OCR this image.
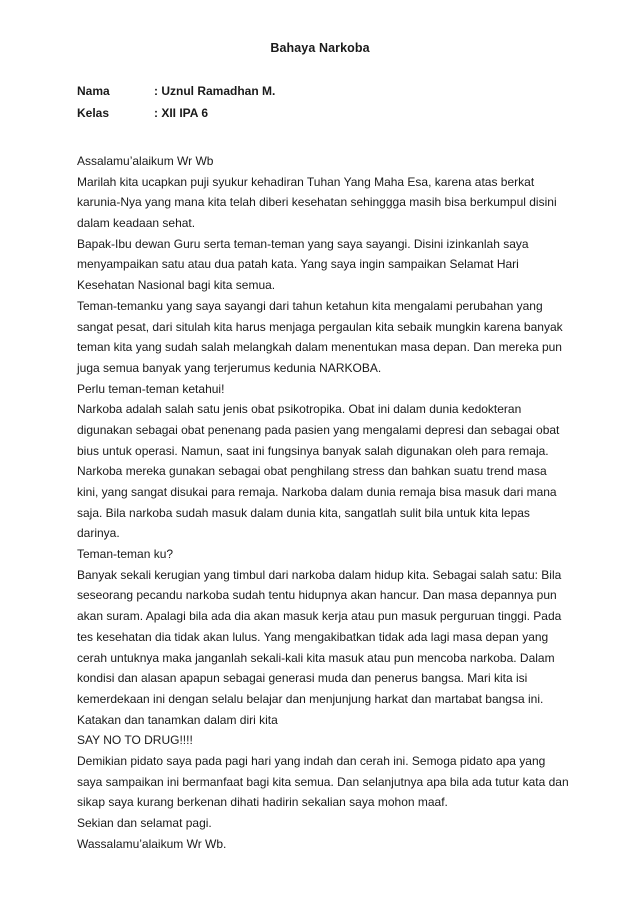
Bahaya Narkoba
Nama	: Uznul Ramadhan M.
Kelas	: XII IPA 6
Assalamu’alaikum Wr Wb
Marilah kita ucapkan puji syukur kehadiran Tuhan Yang Maha Esa, karena atas berkat
karunia-Nya yang mana kita telah diberi kesehatan sehinggga masih bisa berkumpul disini
dalam keadaan sehat.
Bapak-Ibu dewan Guru serta teman-teman yang saya sayangi. Disini izinkanlah saya
menyampaikan satu atau dua patah kata. Yang saya ingin sampaikan Selamat Hari
Kesehatan Nasional bagi kita semua.
Teman-temanku yang saya sayangi dari tahun ketahun kita mengalami perubahan yang
sangat pesat, dari situlah kita harus menjaga pergaulan kita sebaik mungkin karena banyak
teman kita yang sudah salah melangkah dalam menentukan masa depan. Dan mereka pun
juga semua banyak yang terjerumus kedunia NARKOBA.
Perlu teman-teman ketahui!
Narkoba adalah salah satu jenis obat psikotropika. Obat ini dalam dunia kedokteran
digunakan sebagai obat penenang pada pasien yang mengalami depresi dan sebagai obat
bius untuk operasi. Namun, saat ini fungsinya banyak salah digunakan oleh para remaja.
Narkoba mereka gunakan sebagai obat penghilang stress dan bahkan suatu trend masa
kini, yang sangat disukai para remaja. Narkoba dalam dunia remaja bisa masuk dari mana
saja. Bila narkoba sudah masuk dalam dunia kita, sangatlah sulit bila untuk kita lepas
darinya.
Teman-teman ku?
Banyak sekali kerugian yang timbul dari narkoba dalam hidup kita. Sebagai salah satu: Bila
seseorang pecandu narkoba sudah tentu hidupnya akan hancur. Dan masa depannya pun
akan suram. Apalagi bila ada dia akan masuk kerja atau pun masuk perguruan tinggi. Pada
tes kesehatan dia tidak akan lulus. Yang mengakibatkan tidak ada lagi masa depan yang
cerah untuknya maka janganlah sekali-kali kita masuk atau pun mencoba narkoba. Dalam
kondisi dan alasan apapun sebagai generasi muda dan penerus bangsa. Mari kita isi
kemerdekaan ini dengan selalu belajar dan menjunjung harkat dan martabat bangsa ini.
Katakan dan tanamkan dalam diri kita
SAY NO TO DRUG!!!!
Demikian pidato saya pada pagi hari yang indah dan cerah ini. Semoga pidato apa yang
saya sampaikan ini bermanfaat bagi kita semua. Dan selanjutnya apa bila ada tutur kata dan
sikap saya kurang berkenan dihati hadirin sekalian saya mohon maaf.
Sekian dan selamat pagi.
Wassalamu’alaikum Wr Wb.
